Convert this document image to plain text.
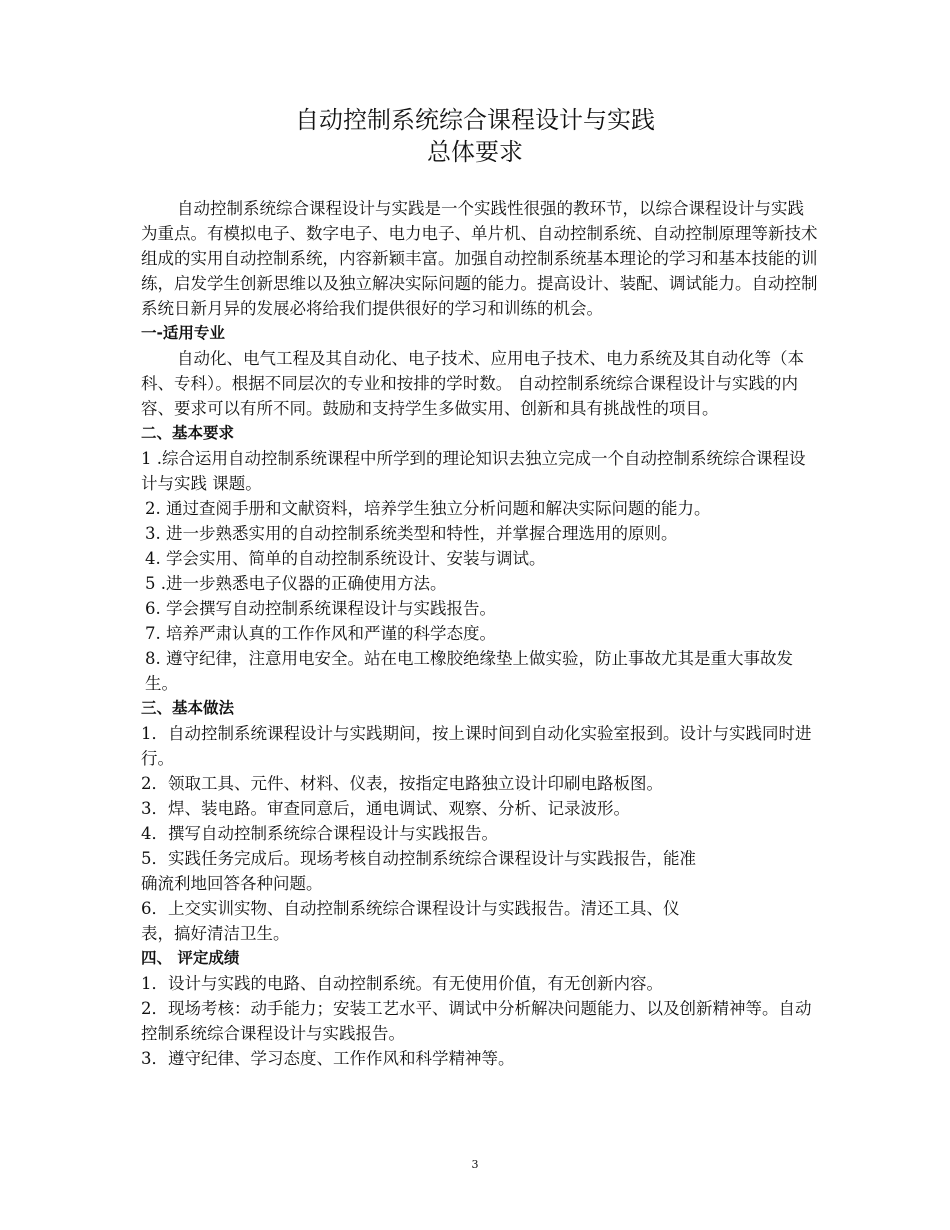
自动控制系统综合课程设计与实践
总体要求

自动控制系统综合课程设计与实践是一个实践性很强的教环节，以综合课程设计与实践为重点。有模拟电子、数字电子、电力电子、单片机、自动控制系统、自动控制原理等新技术组成的实用自动控制系统，内容新颖丰富。加强自动控制系统基本理论的学习和基本技能的训练，启发学生创新思维以及独立解决实际问题的能力。提高设计、装配、调试能力。自动控制系统日新月异的发展必将给我们提供很好的学习和训练的机会。

一-适用专业

自动化、电气工程及其自动化、电子技术、应用电子技术、电力系统及其自动化等（本科、专科）。根据不同层次的专业和按排的学时数。 自动控制系统综合课程设计与实践的内容、要求可以有所不同。鼓励和支持学生多做实用、创新和具有挑战性的项目。

二、基本要求

1 .综合运用自动控制系统课程中所学到的理论知识去独立完成一个自动控制系统综合课程设计与实践 课题。

2. 通过查阅手册和文献资料，培养学生独立分析问题和解决实际问题的能力。

3. 进一步熟悉实用的自动控制系统类型和特性，并掌握合理选用的原则。

4. 学会实用、简单的自动控制系统设计、安装与调试。

5 .进一步熟悉电子仪器的正确使用方法。

6. 学会撰写自动控制系统课程设计与实践报告。

7. 培养严肃认真的工作作风和严谨的科学态度。

8. 遵守纪律，注意用电安全。站在电工橡胶绝缘垫上做实验，防止事故尤其是重大事故发生。

三、基本做法

1．自动控制系统课程设计与实践期间，按上课时间到自动化实验室报到。设计与实践同时进行。

2．领取工具、元件、材料、仪表，按指定电路独立设计印刷电路板图。

3．焊、装电路。审查同意后，通电调试、观察、分析、记录波形。

4．撰写自动控制系统综合课程设计与实践报告。

5．实践任务完成后。现场考核自动控制系统综合课程设计与实践报告，能准

确流利地回答各种问题。

6．上交实训实物、自动控制系统综合课程设计与实践报告。清还工具、仪

表，搞好清洁卫生。

四、 评定成绩

1．设计与实践的电路、自动控制系统。有无使用价值，有无创新内容。

2．现场考核：动手能力；安装工艺水平、调试中分析解决问题能力、以及创新精神等。自动控制系统综合课程设计与实践报告。

3．遵守纪律、学习态度、工作作风和科学精神等。

3
